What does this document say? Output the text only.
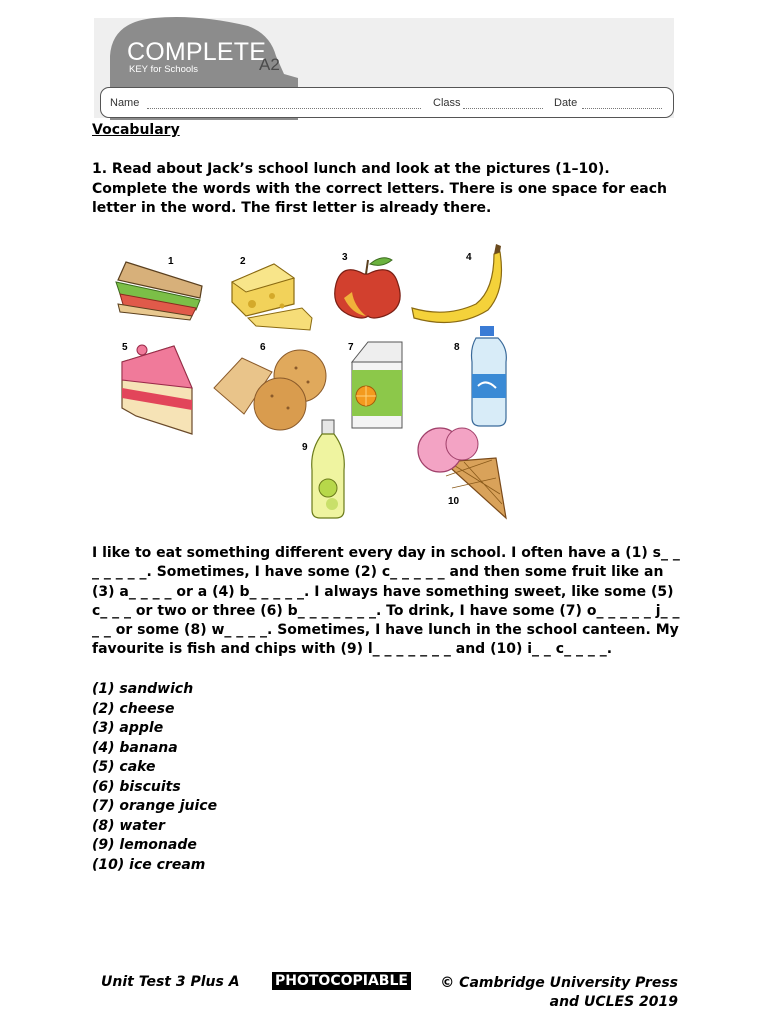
COMPLETE
KEY for Schools	A2
Name	Class	Date
Vocabulary

1. Read about Jack’s school lunch and look at the pictures (1–10). Complete the words with the correct letters. There is one space for each letter in the word. The first letter is already there.

1	2	3	4
5	6	7	8
9
10

I like to eat something different every day in school. I often have a (1) s_ _ _ _ _ _ _. Sometimes, I have some (2) c_ _ _ _ _ and then some fruit like an (3) a_ _ _ _ or a (4) b_ _ _ _ _. I always have something sweet, like some (5) c_ _ _ or two or three (6) b_ _ _ _ _ _ _. To drink, I have some (7) o_ _ _ _ _ j_ _ _ _ or some (8) w_ _ _ _. Sometimes, I have lunch in the school canteen. My favourite is fish and chips with (9) l_ _ _ _ _ _ _ and (10) i_ _ c_ _ _ _.

(1) sandwich
(2) cheese
(3) apple
(4) banana
(5) cake
(6) biscuits
(7) orange juice
(8) water
(9) lemonade
(10) ice cream
Unit Test 3 Plus A	PHOTOCOPIABLE	© Cambridge University Press
and UCLES 2019
